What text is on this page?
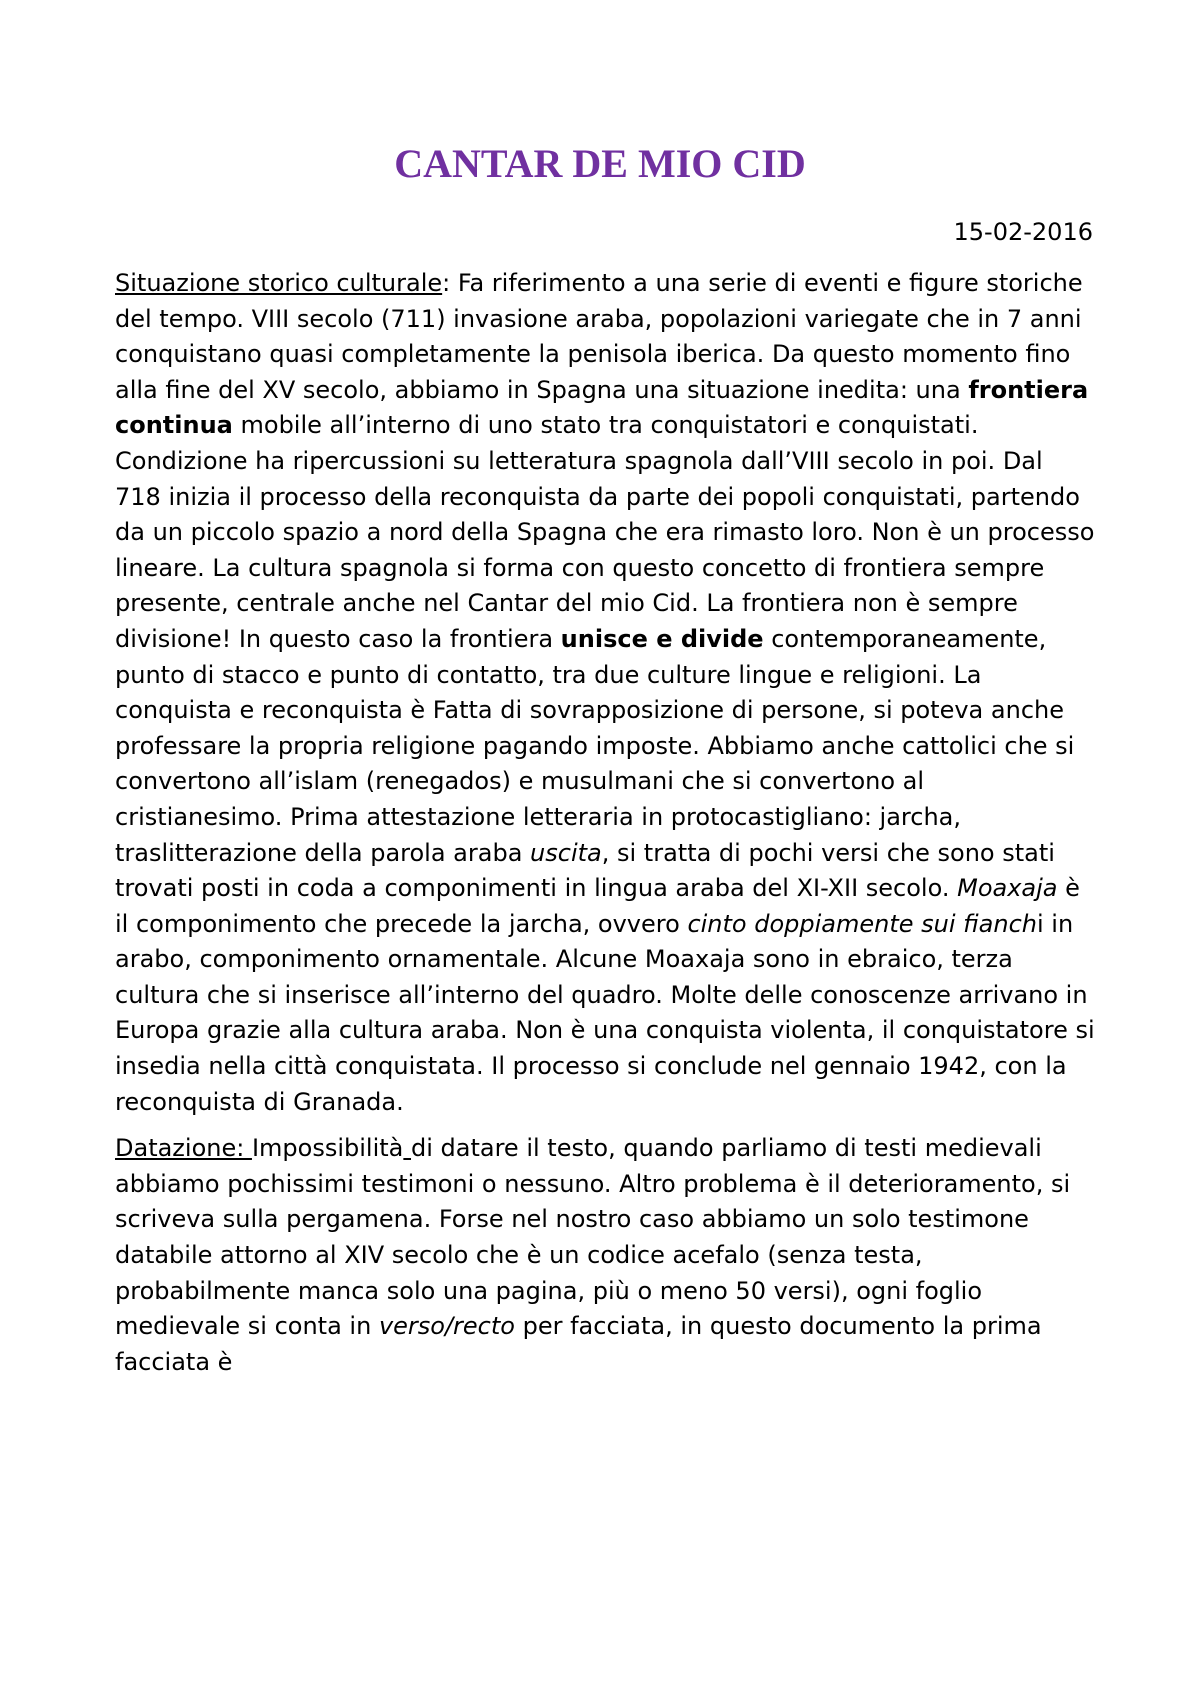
CANTAR DE MIO CID

15-02-2016

Situazione storico culturale: Fa riferimento a una serie di eventi e figure storiche del tempo. VIII secolo (711) invasione araba, popolazioni variegate che in 7 anni conquistano quasi completamente la penisola iberica. Da questo momento fino alla fine del XV secolo, abbiamo in Spagna una situazione inedita: una frontiera continua mobile all’interno di uno stato tra conquistatori e conquistati. Condizione ha ripercussioni su letteratura spagnola dall’VIII secolo in poi. Dal 718 inizia il processo della reconquista da parte dei popoli conquistati, partendo da un piccolo spazio a nord della Spagna che era rimasto loro. Non è un processo lineare. La cultura spagnola si forma con questo concetto di frontiera sempre presente, centrale anche nel Cantar del mio Cid. La frontiera non è sempre divisione! In questo caso la frontiera unisce e divide contemporaneamente, punto di stacco e punto di contatto, tra due culture lingue e religioni. La conquista e reconquista è Fatta di sovrapposizione di persone, si poteva anche professare la propria religione pagando imposte. Abbiamo anche cattolici che si convertono all’islam (renegados) e musulmani che si convertono al cristianesimo. Prima attestazione letteraria in protocastigliano: jarcha, traslitterazione della parola araba uscita, si tratta di pochi versi che sono stati trovati posti in coda a componimenti in lingua araba del XI-XII secolo. Moaxaja è il componimento che precede la jarcha, ovvero cinto doppiamente sui fianchi in arabo, componimento ornamentale. Alcune Moaxaja sono in ebraico, terza cultura che si inserisce all’interno del quadro. Molte delle conoscenze arrivano in Europa grazie alla cultura araba. Non è una conquista violenta, il conquistatore si insedia nella città conquistata. Il processo si conclude nel gennaio 1942, con la reconquista di Granada.

Datazione: Impossibilità di datare il testo, quando parliamo di testi medievali abbiamo pochissimi testimoni o nessuno. Altro problema è il deterioramento, si scriveva sulla pergamena. Forse nel nostro caso abbiamo un solo testimone databile attorno al XIV secolo che è un codice acefalo (senza testa, probabilmente manca solo una pagina, più o meno 50 versi), ogni foglio medievale si conta in verso/recto per facciata, in questo documento la prima facciata è
